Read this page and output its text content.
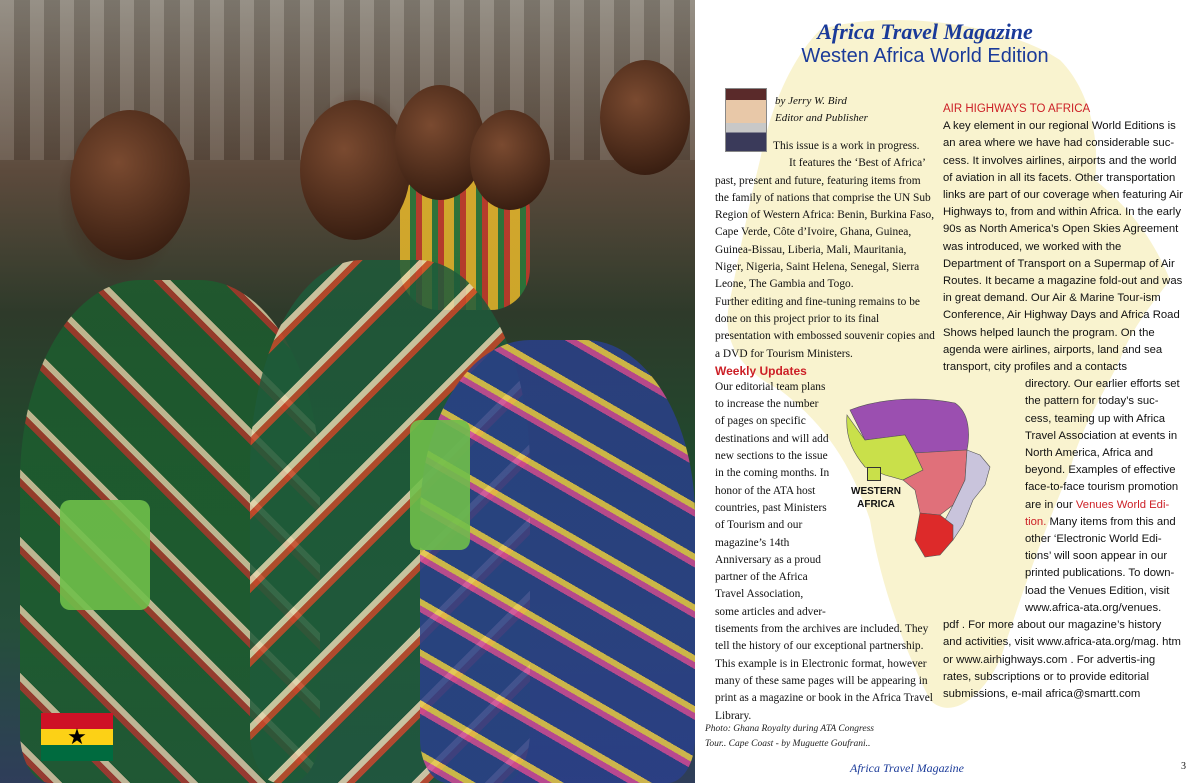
★
Africa Travel Magazine
Westen Africa World Edition
by Jerry W. Bird
Editor and Publisher

This issue is a work in progress.

It features the ‘Best of Africa’

past, present and future, featuring items from the family of nations that comprise the UN Sub Region of Western Africa: Benin, Burkina Faso, Cape Verde, Côte d’Ivoire, Ghana, Guinea, Guinea-Bissau, Liberia, Mali, Mauritania, Niger, Nigeria, Saint Helena, Senegal, Sierra Leone, The Gambia and Togo.

Further editing and fine-tuning remains to be done on this project prior to its final presentation with embossed souvenir copies and a DVD for Tourism Ministers.

Weekly Updates

Our editorial team plans to increase the number of pages on specific destinations and will add new sections to the issue in the coming months. In honor of the ATA host countries, past Ministers of Tourism and our magazine’s 14th Anniversary as a proud partner of the Africa Travel Association, some articles and adver-

tisements from the archives are included. They tell the history of our exceptional partnership. This example is in Electronic format, however many of these same pages will be appearing in print as a magazine or book in the Africa Travel Library.

AIR HIGHWAYS TO AFRICA

A key element in our regional World Editions is an area where we have had considerable suc-cess. It involves airlines, airports and the world of aviation in all its facets. Other transportation links are part of our coverage when featuring Air Highways to, from and within Africa. In the early 90s as North America’s Open Skies Agreement was introduced, we worked with the Department of Transport on a Supermap of Air Routes. It became a magazine fold-out and was in great demand. Our Air & Marine Tour-ism Conference, Air Highway Days and Africa Road Shows helped launch the program. On the agenda were airlines, airports, land and sea transport, city profiles and a contacts

directory. Our earlier efforts set the pattern for today’s suc-cess, teaming up with Africa Travel Association at events in North America, Africa and beyond. Examples of effective face-to-face tourism promotion are in our Venues World Edi-tion. Many items from this and other ‘Electronic World Edi-tions’ will soon appear in our printed publications. To down-load the Venues Edition, visit www.africa-ata.org/venues.

pdf . For more about our magazine’s history and activities, visit www.africa-ata.org/mag. htm or www.airhighways.com . For advertis-ing rates, subscriptions or to provide editorial submissions, e-mail africa@smartt.com

WESTERN AFRICA
Photo: Ghana Royalty during ATA Congress
Tour.. Cape Coast - by Muguette Goufrani..
Africa Travel Magazine	3
